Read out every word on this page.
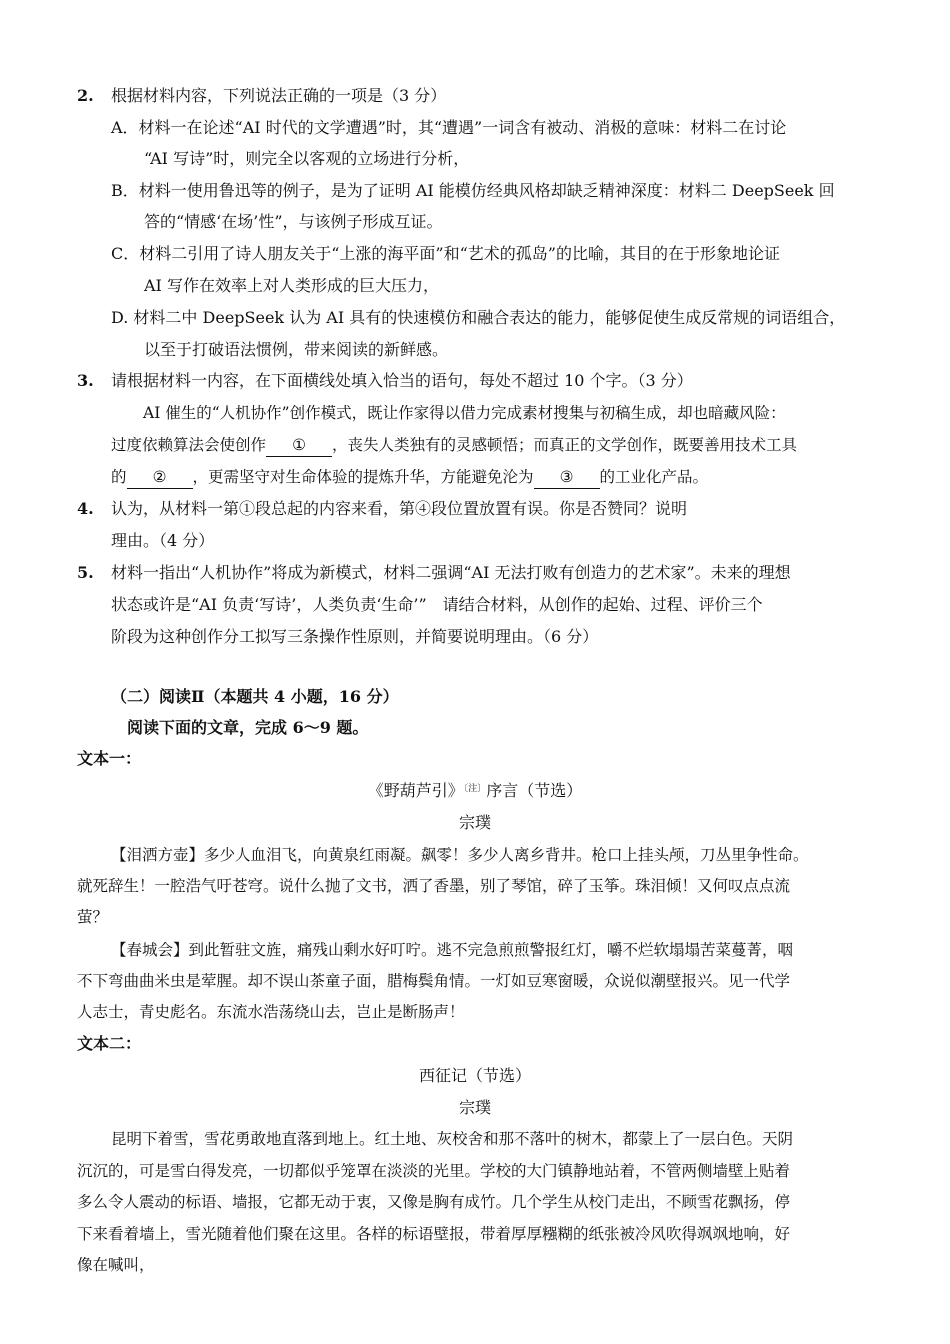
2. 根据材料内容，下列说法正确的一项是（3 分）
A．材料一在论述“AI 时代的文学遭遇”时，其“遭遇”一词含有被动、消极的意味：材料二在讨论
“AI 写诗”时，则完全以客观的立场进行分析，
B．材料一使用鲁迅等的例子，是为了证明 AI 能模仿经典风格却缺乏精神深度：材料二 DeepSeek 回
答的“情感‘在场’性”，与该例子形成互证。
C．材料二引用了诗人朋友关于“上涨的海平面”和“艺术的孤岛”的比喻，其目的在于形象地论证
AI 写作在效率上对人类形成的巨大压力，
D. 材料二中 DeepSeek 认为 AI 具有的快速模仿和融合表达的能力，能够促使生成反常规的词语组合，
以至于打破语法惯例，带来阅读的新鲜感。
3. 请根据材料一内容，在下面横线处填入恰当的语句，每处不超过 10 个字。（3 分）
AI 催生的“人机协作”创作模式，既让作家得以借力完成素材搜集与初稿生成，却也暗藏风险：
过度依赖算法会使创作 ① ，丧失人类独有的灵感顿悟；而真正的文学创作，既要善用技术工具
的 ② ，更需坚守对生命体验的提炼升华，方能避免沦为 ③ 的工业化产品。
4. 认为，从材料一第①段总起的内容来看，第④段位置放置有误。你是否赞同？说明
理由。（4 分）
5. 材料一指出“人机协作”将成为新模式，材料二强调“AI 无法打败有创造力的艺术家”。未来的理想
状态或许是“AI 负责‘写诗’，人类负责‘生命’”　请结合材料，从创作的起始、过程、评价三个
阶段为这种创作分工拟写三条操作性原则，并简要说明理由。（6 分）
（二）阅读Ⅱ（本题共 4 小题，16 分）
阅读下面的文章，完成 6～9 题。
文本一：
《野葫芦引》$^{〔注〕}$序言（节选）
宗璞
【泪洒方壶】多少人血泪飞，向黄泉红雨凝。飙零！多少人离乡背井。枪口上挂头颅，刀丛里争性命。
就死辞生！一腔浩气吁苍穹。说什么抛了文书，洒了香墨，别了琴馆，碎了玉筝。珠泪倾！又何叹点点流
萤？
【春城会】到此暂驻文旌，痛残山剩水好叮咛。逃不完急煎煎警报红灯，嚼不烂软塌塌苦菜蔓菁，咽
不下弯曲曲米虫是荤腥。却不误山茶童子面，腊梅鬓角情。一灯如豆寒窗暖，众说似潮壁报兴。见一代学
人志士，青史彪名。东流水浩荡绕山去，岂止是断肠声！
文本二：
西征记（节选）
宗璞
昆明下着雪，雪花勇敢地直落到地上。红土地、灰校舍和那不落叶的树木，都蒙上了一层白色。天阴
沉沉的，可是雪白得发亮，一切都似乎笼罩在淡淡的光里。学校的大门镇静地站着，不管两侧墙壁上贴着
多么令人震动的标语、墙报，它都无动于衷，又像是胸有成竹。几个学生从校门走出，不顾雪花飘扬，停
下来看着墙上，雪光随着他们聚在这里。各样的标语壁报，带着厚厚糨糊的纸张被冷风吹得飒飒地响，好
像在喊叫，
